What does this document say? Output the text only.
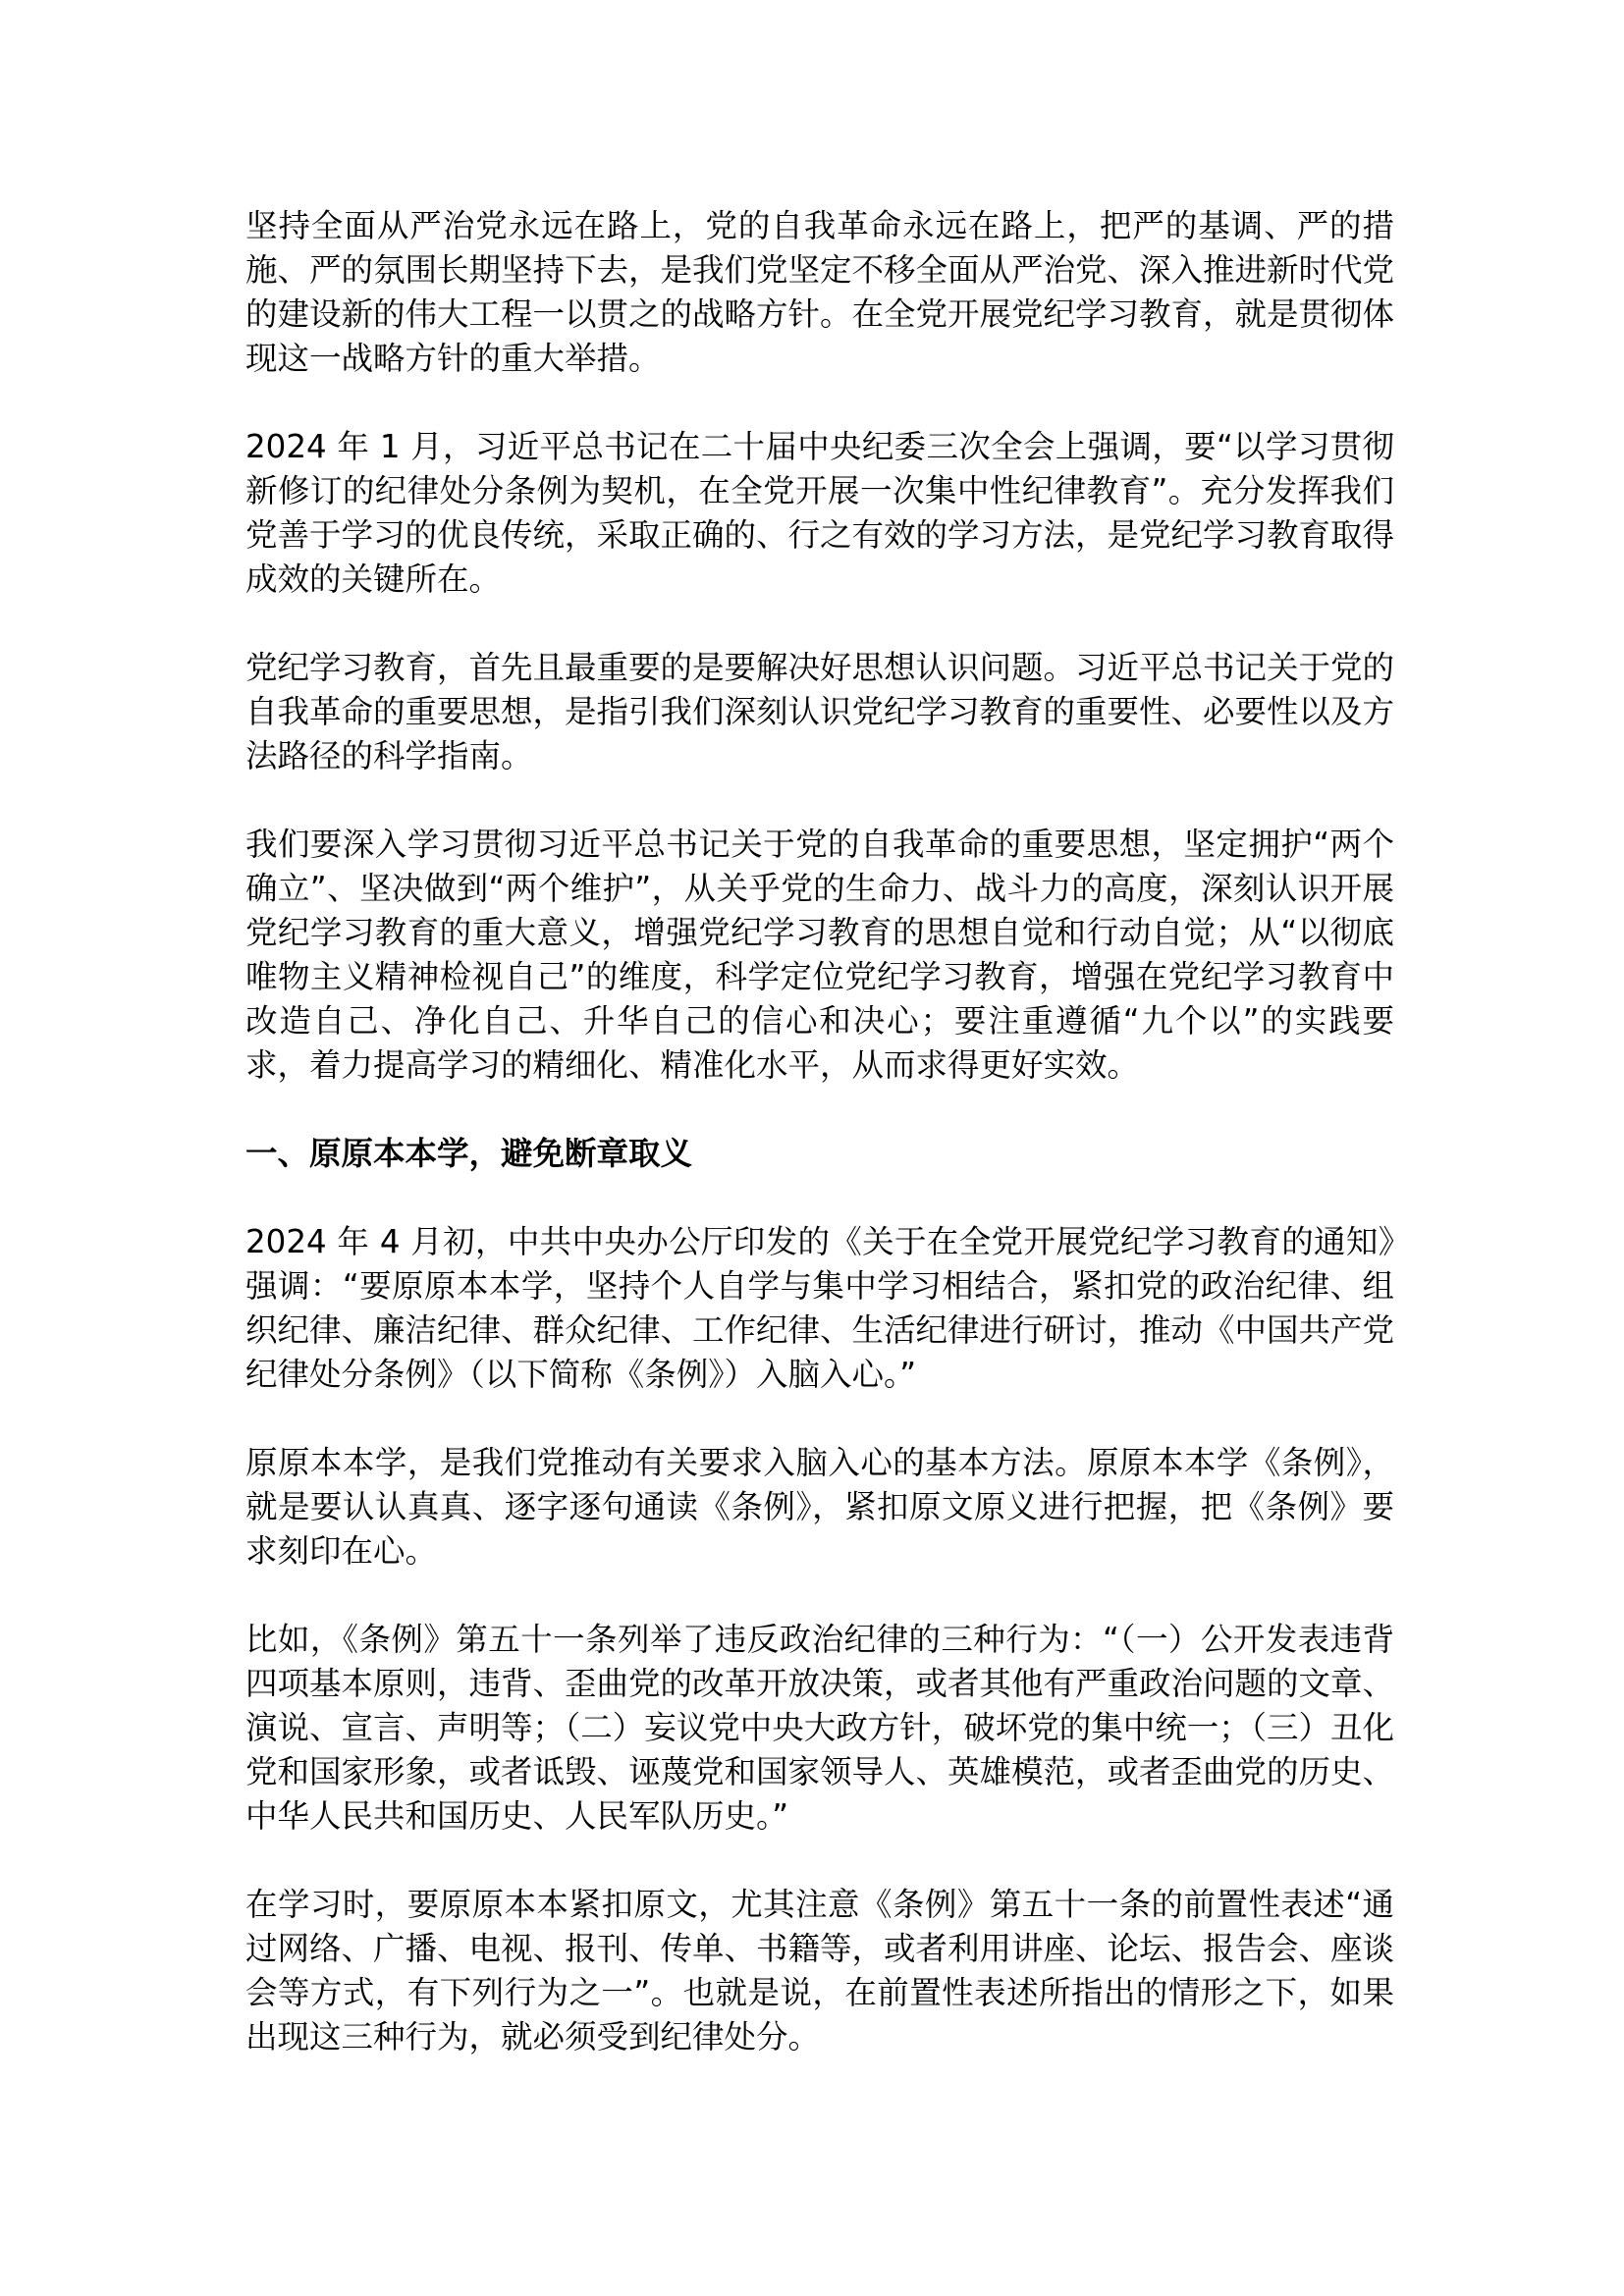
坚持全面从严治党永远在路上，党的自我革命永远在路上，把严的基调、严的措施、严的氛围长期坚持下去，是我们党坚定不移全面从严治党、深入推进新时代党的建设新的伟大工程一以贯之的战略方针。在全党开展党纪学习教育，就是贯彻体现这一战略方针的重大举措。

2024 年 1 月，习近平总书记在二十届中央纪委三次全会上强调，要“以学习贯彻新修订的纪律处分条例为契机，在全党开展一次集中性纪律教育”。充分发挥我们党善于学习的优良传统，采取正确的、行之有效的学习方法，是党纪学习教育取得成效的关键所在。

党纪学习教育，首先且最重要的是要解决好思想认识问题。习近平总书记关于党的自我革命的重要思想，是指引我们深刻认识党纪学习教育的重要性、必要性以及方法路径的科学指南。

我们要深入学习贯彻习近平总书记关于党的自我革命的重要思想，坚定拥护“两个确立”、坚决做到“两个维护”，从关乎党的生命力、战斗力的高度，深刻认识开展党纪学习教育的重大意义，增强党纪学习教育的思想自觉和行动自觉；从“以彻底唯物主义精神检视自己”的维度，科学定位党纪学习教育，增强在党纪学习教育中改造自己、净化自己、升华自己的信心和决心；要注重遵循“九个以”的实践要求，着力提高学习的精细化、精准化水平，从而求得更好实效。

一、原原本本学，避免断章取义

2024 年 4 月初，中共中央办公厅印发的《关于在全党开展党纪学习教育的通知》强调：“要原原本本学，坚持个人自学与集中学习相结合，紧扣党的政治纪律、组织纪律、廉洁纪律、群众纪律、工作纪律、生活纪律进行研讨，推动《中国共产党纪律处分条例》（以下简称《条例》）入脑入心。”

原原本本学，是我们党推动有关要求入脑入心的基本方法。原原本本学《条例》，就是要认认真真、逐字逐句通读《条例》，紧扣原文原义进行把握，把《条例》要求刻印在心。

比如，《条例》第五十一条列举了违反政治纪律的三种行为：“（一）公开发表违背四项基本原则，违背、歪曲党的改革开放决策，或者其他有严重政治问题的文章、演说、宣言、声明等；（二）妄议党中央大政方针，破坏党的集中统一；（三）丑化党和国家形象，或者诋毁、诬蔑党和国家领导人、英雄模范，或者歪曲党的历史、中华人民共和国历史、人民军队历史。”

在学习时，要原原本本紧扣原文，尤其注意《条例》第五十一条的前置性表述“通过网络、广播、电视、报刊、传单、书籍等，或者利用讲座、论坛、报告会、座谈会等方式，有下列行为之一”。也就是说，在前置性表述所指出的情形之下，如果出现这三种行为，就必须受到纪律处分。
